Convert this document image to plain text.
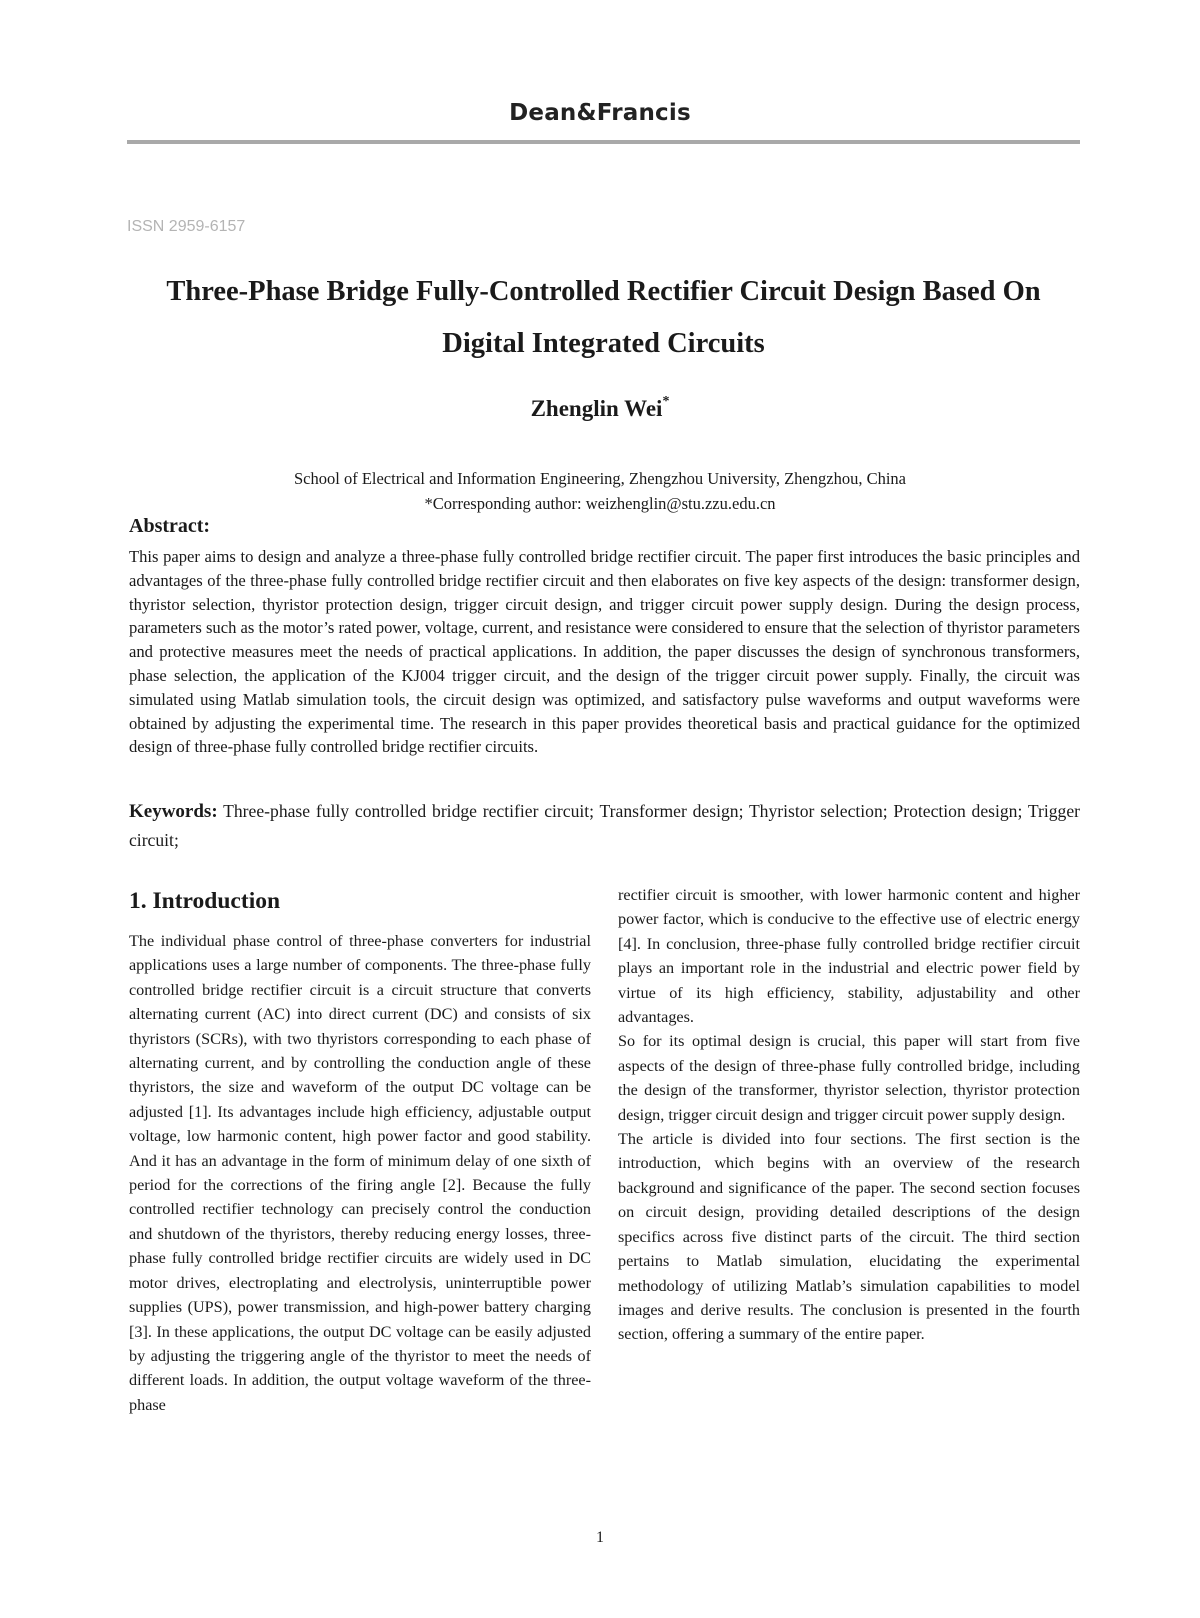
Dean&Francis
ISSN 2959-6157
Three-Phase Bridge Fully-Controlled Rectifier Circuit Design Based On Digital Integrated Circuits
Zhenglin Wei*
School of Electrical and Information Engineering, Zhengzhou University, Zhengzhou, China
*Corresponding author: weizhenglin@stu.zzu.edu.cn
Abstract:

This paper aims to design and analyze a three-phase fully controlled bridge rectifier circuit. The paper first introduces the basic principles and advantages of the three-phase fully controlled bridge rectifier circuit and then elaborates on five key aspects of the design: transformer design, thyristor selection, thyristor protection design, trigger circuit design, and trigger circuit power supply design. During the design process, parameters such as the motor’s rated power, voltage, current, and resistance were considered to ensure that the selection of thyristor parameters and protective measures meet the needs of practical applications. In addition, the paper discusses the design of synchronous transformers, phase selection, the application of the KJ004 trigger circuit, and the design of the trigger circuit power supply. Finally, the circuit was simulated using Matlab simulation tools, the circuit design was optimized, and satisfactory pulse waveforms and output waveforms were obtained by adjusting the experimental time. The research in this paper provides theoretical basis and practical guidance for the optimized design of three-phase fully controlled bridge rectifier circuits.

Keywords: Three-phase fully controlled bridge rectifier circuit; Transformer design; Thyristor selection; Protection design; Trigger circuit;

1. Introduction

The individual phase control of three-phase converters for industrial applications uses a large number of components. The three-phase fully controlled bridge rectifier circuit is a circuit structure that converts alternating current (AC) into direct current (DC) and consists of six thyristors (SCRs), with two thyristors corresponding to each phase of alternating current, and by controlling the conduction angle of these thyristors, the size and waveform of the output DC voltage can be adjusted [1]. Its advantages include high efficiency, adjustable output voltage, low harmonic content, high power factor and good stability. And it has an advantage in the form of minimum delay of one sixth of period for the corrections of the firing angle [2]. Because the fully controlled rectifier technology can precisely control the conduction and shutdown of the thyristors, thereby reducing energy losses, three-phase fully controlled bridge rectifier circuits are widely used in DC motor drives, electroplating and electrolysis, uninterruptible power supplies (UPS), power transmission, and high-power battery charging [3]. In these applications, the output DC voltage can be easily adjusted by adjusting the triggering angle of the thyristor to meet the needs of different loads. In addition, the output voltage waveform of the three-phase

rectifier circuit is smoother, with lower harmonic content and higher power factor, which is conducive to the effective use of electric energy [4]. In conclusion, three-phase fully controlled bridge rectifier circuit plays an important role in the industrial and electric power field by virtue of its high efficiency, stability, adjustability and other advantages.

So for its optimal design is crucial, this paper will start from five aspects of the design of three-phase fully controlled bridge, including the design of the transformer, thyristor selection, thyristor protection design, trigger circuit design and trigger circuit power supply design.

The article is divided into four sections. The first section is the introduction, which begins with an overview of the research background and significance of the paper. The second section focuses on circuit design, providing detailed descriptions of the design specifics across five distinct parts of the circuit. The third section pertains to Matlab simulation, elucidating the experimental methodology of utilizing Matlab’s simulation capabilities to model images and derive results. The conclusion is presented in the fourth section, offering a summary of the entire paper.

1
